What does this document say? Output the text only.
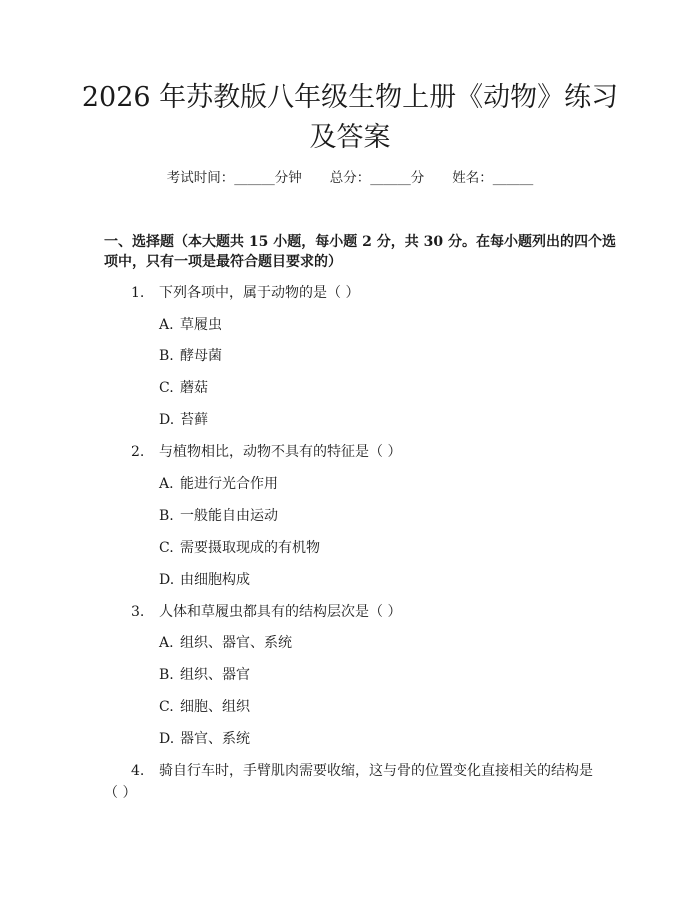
2026 年苏教版八年级生物上册《动物》练习
及答案
考试时间：______分钟 总分：______分 姓名：______

一、选择题（本大题共 15 小题，每小题 2 分，共 30 分。在每小题列出的四个选

项中，只有一项是最符合题目要求的）

1. 下列各项中，属于动物的是（ ）
A. 草履虫
B. 酵母菌
C. 蘑菇
D. 苔藓
2. 与植物相比，动物不具有的特征是（ ）
A. 能进行光合作用
B. 一般能自由运动
C. 需要摄取现成的有机物
D. 由细胞构成
3. 人体和草履虫都具有的结构层次是（ ）
A. 组织、器官、系统
B. 组织、器官
C. 细胞、组织
D. 器官、系统
4. 骑自行车时，手臂肌肉需要收缩，这与骨的位置变化直接相关的结构是
（ ）
